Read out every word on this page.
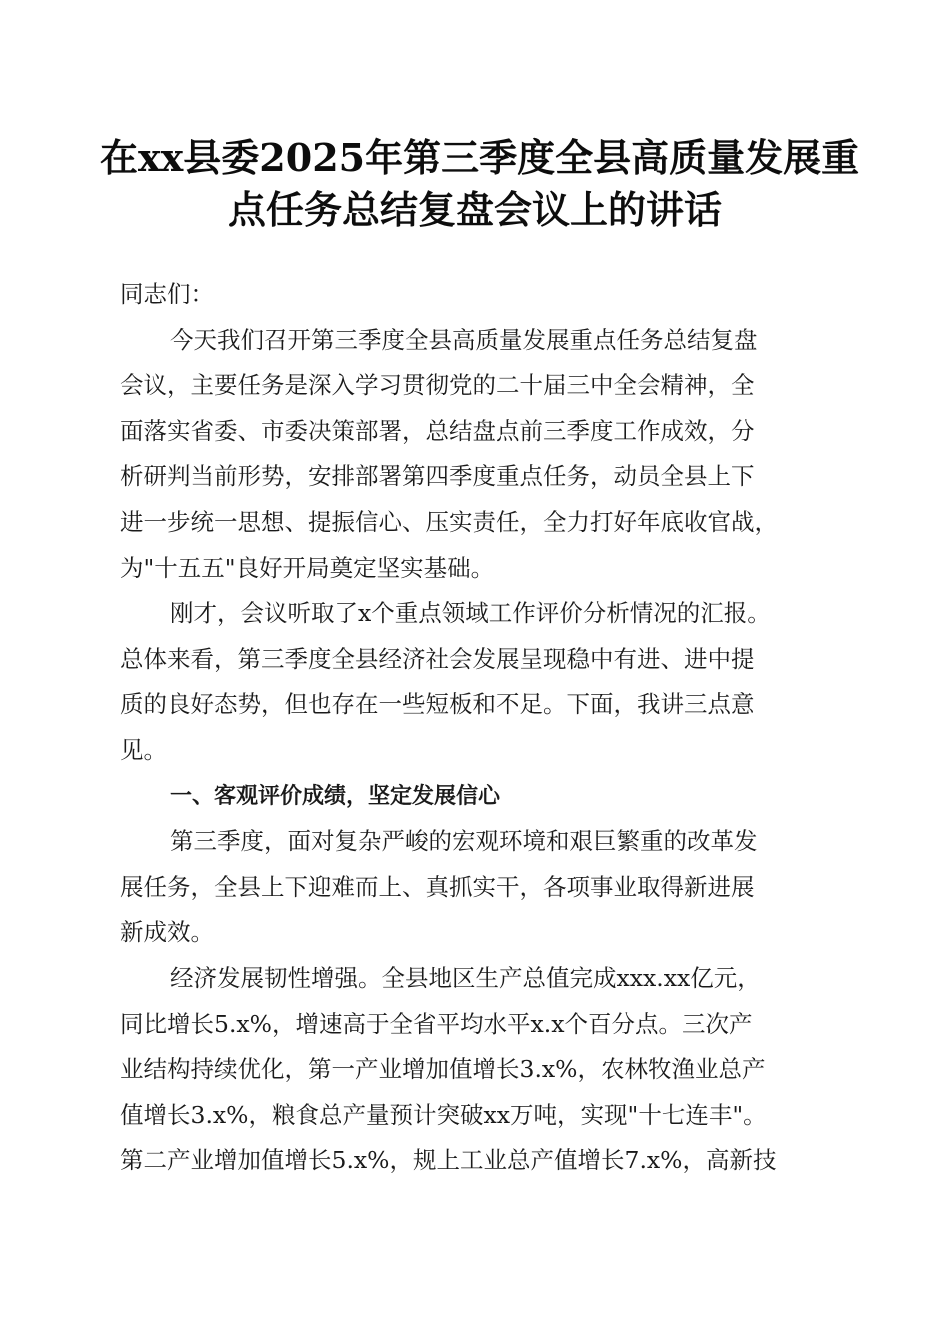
在xx县委2025年第三季度全县高质量发展重
点任务总结复盘会议上的讲话
同志们：
今天我们召开第三季度全县高质量发展重点任务总结复盘
会议，主要任务是深入学习贯彻党的二十届三中全会精神，全
面落实省委、市委决策部署，总结盘点前三季度工作成效，分
析研判当前形势，安排部署第四季度重点任务，动员全县上下
进一步统一思想、提振信心、压实责任，全力打好年底收官战，
为"十五五"良好开局奠定坚实基础。
刚才，会议听取了x个重点领域工作评价分析情况的汇报。
总体来看，第三季度全县经济社会发展呈现稳中有进、进中提
质的良好态势，但也存在一些短板和不足。下面，我讲三点意
见。
一、客观评价成绩，坚定发展信心
第三季度，面对复杂严峻的宏观环境和艰巨繁重的改革发
展任务，全县上下迎难而上、真抓实干，各项事业取得新进展
新成效。
经济发展韧性增强。全县地区生产总值完成xxx.xx亿元，
同比增长5.x%，增速高于全省平均水平x.x个百分点。三次产
业结构持续优化，第一产业增加值增长3.x%，农林牧渔业总产
值增长3.x%，粮食总产量预计突破xx万吨，实现"十七连丰"。
第二产业增加值增长5.x%，规上工业总产值增长7.x%，高新技
